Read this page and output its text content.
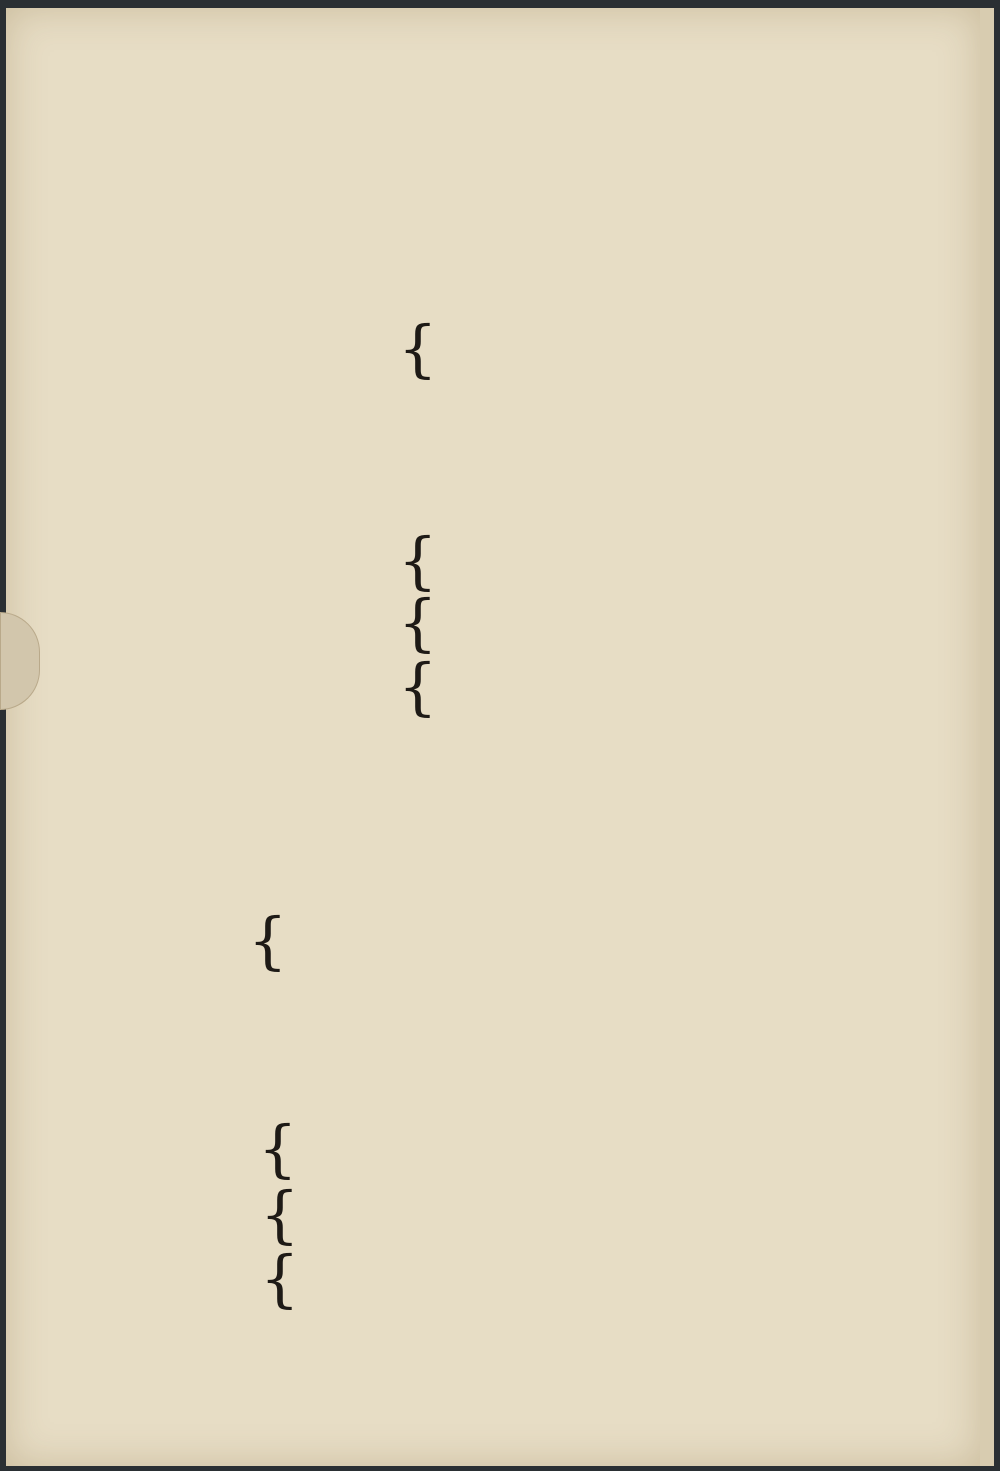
{
{
{
{
{
{
{
{
